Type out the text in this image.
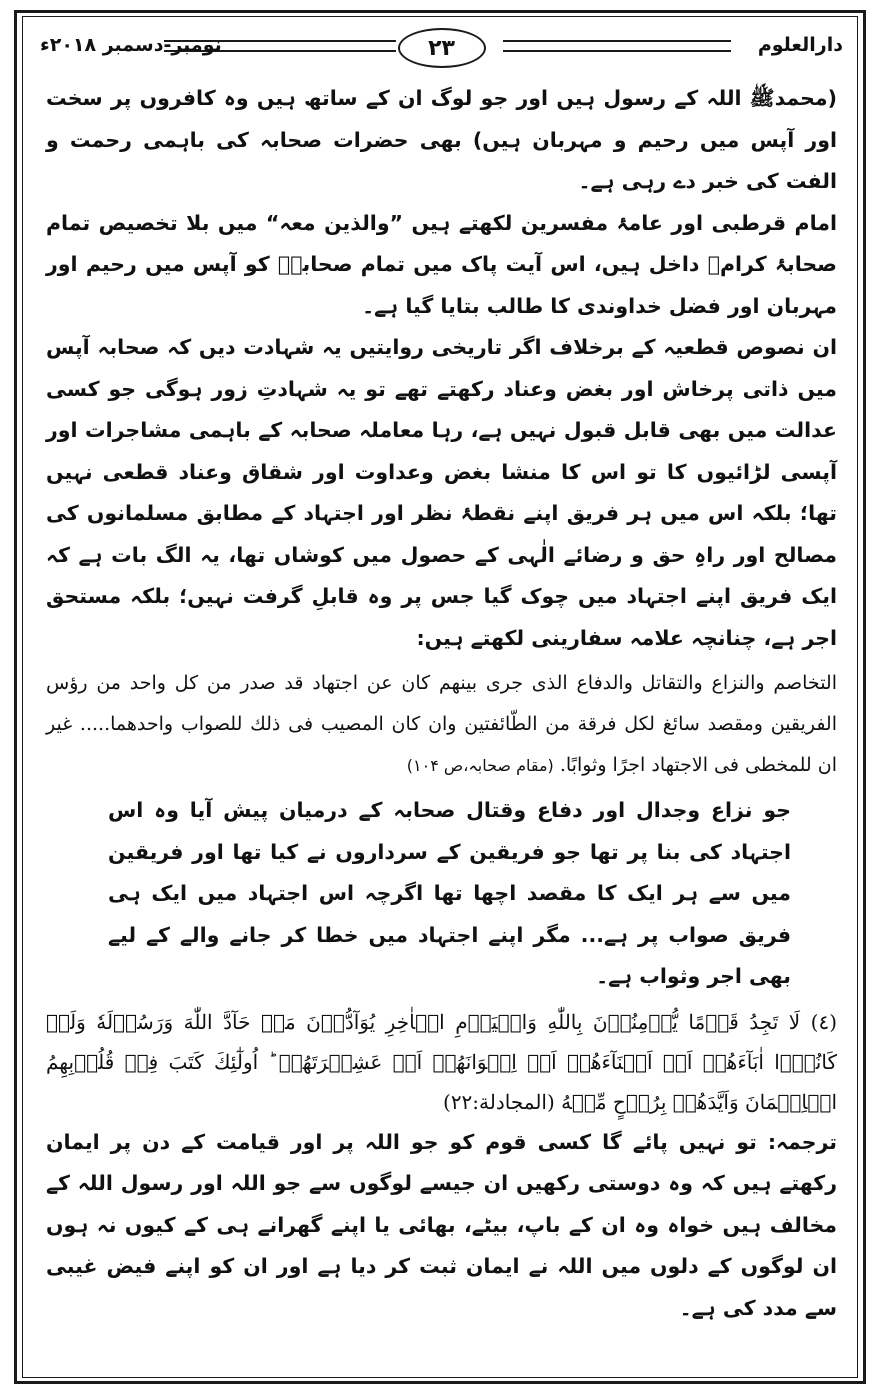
دارالعلوم
۲۳
نومبر-دسمبر ۲۰۱۸ء

(محمدﷺ اللہ کے رسول ہیں اور جو لوگ ان کے ساتھ ہیں وہ کافروں پر سخت اور آپس میں رحیم و مہربان ہیں) بھی حضرات صحابہ کی باہمی رحمت و الفت کی خبر دے رہی ہے۔

امام قرطبی اور عامۂ مفسرین لکھتے ہیں ”والذین معہ“ میں بلا تخصیص تمام صحابۂ کرامؓ داخل ہیں، اس آیت پاک میں تمام صحابہؓ کو آپس میں رحیم اور مہربان اور فضل خداوندی کا طالب بتایا گیا ہے۔

ان نصوص قطعیہ کے برخلاف اگر تاریخی روایتیں یہ شہادت دیں کہ صحابہ آپس میں ذاتی پرخاش اور بغض وعناد رکھتے تھے تو یہ شہادتِ زور ہوگی جو کسی عدالت میں بھی قابل قبول نہیں ہے، رہا معاملہ صحابہ کے باہمی مشاجرات اور آپسی لڑائیوں کا تو اس کا منشا بغض وعداوت اور شقاق وعناد قطعی نہیں تھا؛ بلکہ اس میں ہر فریق اپنے نقطۂ نظر اور اجتہاد کے مطابق مسلمانوں کی مصالح اور راہِ حق و رضائے الٰہی کے حصول میں کوشاں تھا، یہ الگ بات ہے کہ ایک فریق اپنے اجتہاد میں چوک گیا جس پر وہ قابلِ گرفت نہیں؛ بلکہ مستحق اجر ہے، چنانچہ علامہ سفارینی لکھتے ہیں:

التخاصم والنزاع والتقاتل والدفاع الذی جری بینهم کان عن اجتهاد قد صدر من کل واحد من رؤس الفریقین ومقصد سائغ لکل فرقة من الطّائفتین وان کان المصیب فی ذلك للصواب واحدهما..... غیر ان للمخطی فی الاجتهاد اجرًا وثوابًا. (مقام صحابہ،ص ۱۰۴)

جو نزاع وجدال اور دفاع وقتال صحابہ کے درمیان پیش آیا وہ اس اجتہاد کی بنا پر تھا جو فریقین کے سرداروں نے کیا تھا اور فریقین میں سے ہر ایک کا مقصد اچھا تھا اگرچہ اس اجتہاد میں ایک ہی فریق صواب پر ہے... مگر اپنے اجتہاد میں خطا کر جانے والے کے لیے بھی اجر وثواب ہے۔

(٤) لَا تَجِدُ قَوۡمًا یُّؤۡمِنُوۡنَ بِاللّٰهِ وَالۡیَوۡمِ الۡاٰخِرِ یُوَآدُّوۡنَ مَنۡ حَآدَّ اللّٰهَ وَرَسُوۡلَهٗ وَلَوۡ كَانُوۡۤا اٰبَآءَهُمۡ اَوۡ اَبۡنَآءَهُمۡ اَوۡ اِخۡوَانَهُمۡ اَوۡ عَشِیۡرَتَهُمۡ ؕ اُولٰٓئِكَ كَتَبَ فِیۡ قُلُوۡبِهِمُ الۡاِیۡمَانَ وَاَیَّدَهُمۡ بِرُوۡحٍ مِّنۡهُ (المجادلة:۲۲)

ترجمہ: تو نہیں پائے گا کسی قوم کو جو اللہ پر اور قیامت کے دن پر ایمان رکھتے ہیں کہ وہ دوستی رکھیں ان جیسے لوگوں سے جو اللہ اور رسول اللہ کے مخالف ہیں خواہ وہ ان کے باپ، بیٹے، بھائی یا اپنے گھرانے ہی کے کیوں نہ ہوں ان لوگوں کے دلوں میں اللہ نے ایمان ثبت کر دیا ہے اور ان کو اپنے فیض غیبی سے مدد کی ہے۔
